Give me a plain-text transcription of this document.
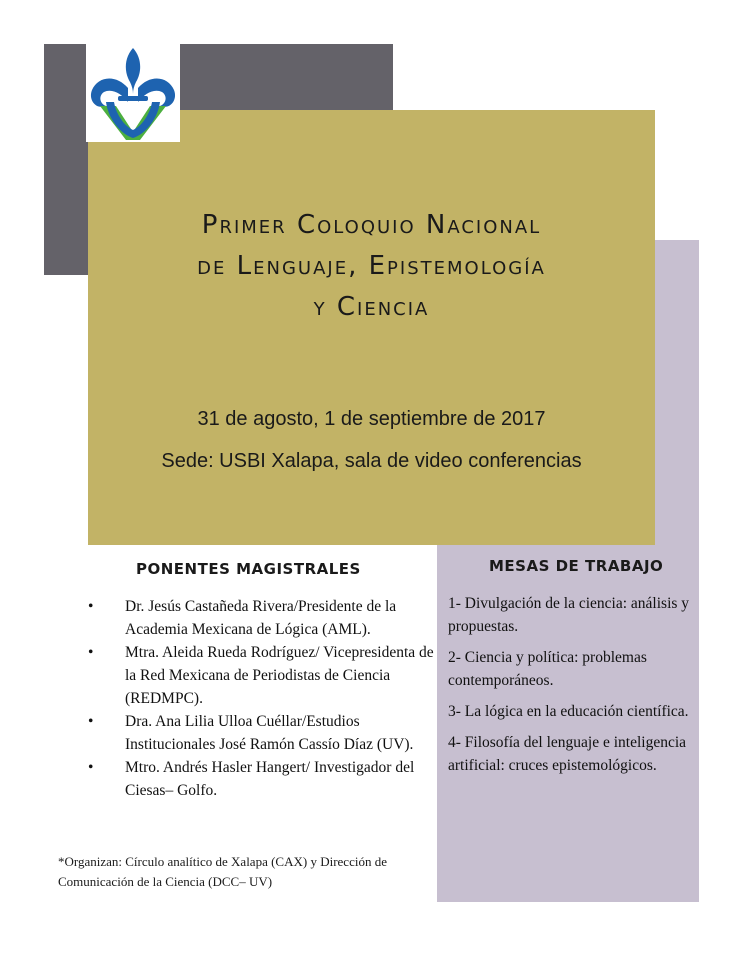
Primer Coloquio Nacional
de Lenguaje, Epistemología
y Ciencia
31 de agosto, 1 de septiembre de 2017
Sede: USBI Xalapa, sala de video conferencias
PONENTES MAGISTRALES
• Dr. Jesús Castañeda Rivera/Presidente de la Academia Mexicana de Lógica (AML).
• Mtra. Aleida Rueda Rodríguez/ Vicepresidenta de la Red Mexicana de Periodistas de Ciencia (REDMPC).
• Dra. Ana Lilia Ulloa Cuéllar/Estudios Institucionales José Ramón Cassío Díaz (UV).
• Mtro. Andrés Hasler Hangert/ Investigador del Ciesas– Golfo.
MESAS DE TRABAJO
1- Divulgación de la ciencia: análisis y propuestas.
2- Ciencia y política: problemas contemporáneos.
3- La lógica en la educación científica.
4- Filosofía del lenguaje e inteligencia artificial: cruces epistemológicos.
*Organizan: Círculo analítico de Xalapa (CAX) y Dirección de Comunicación de la Ciencia (DCC– UV)
